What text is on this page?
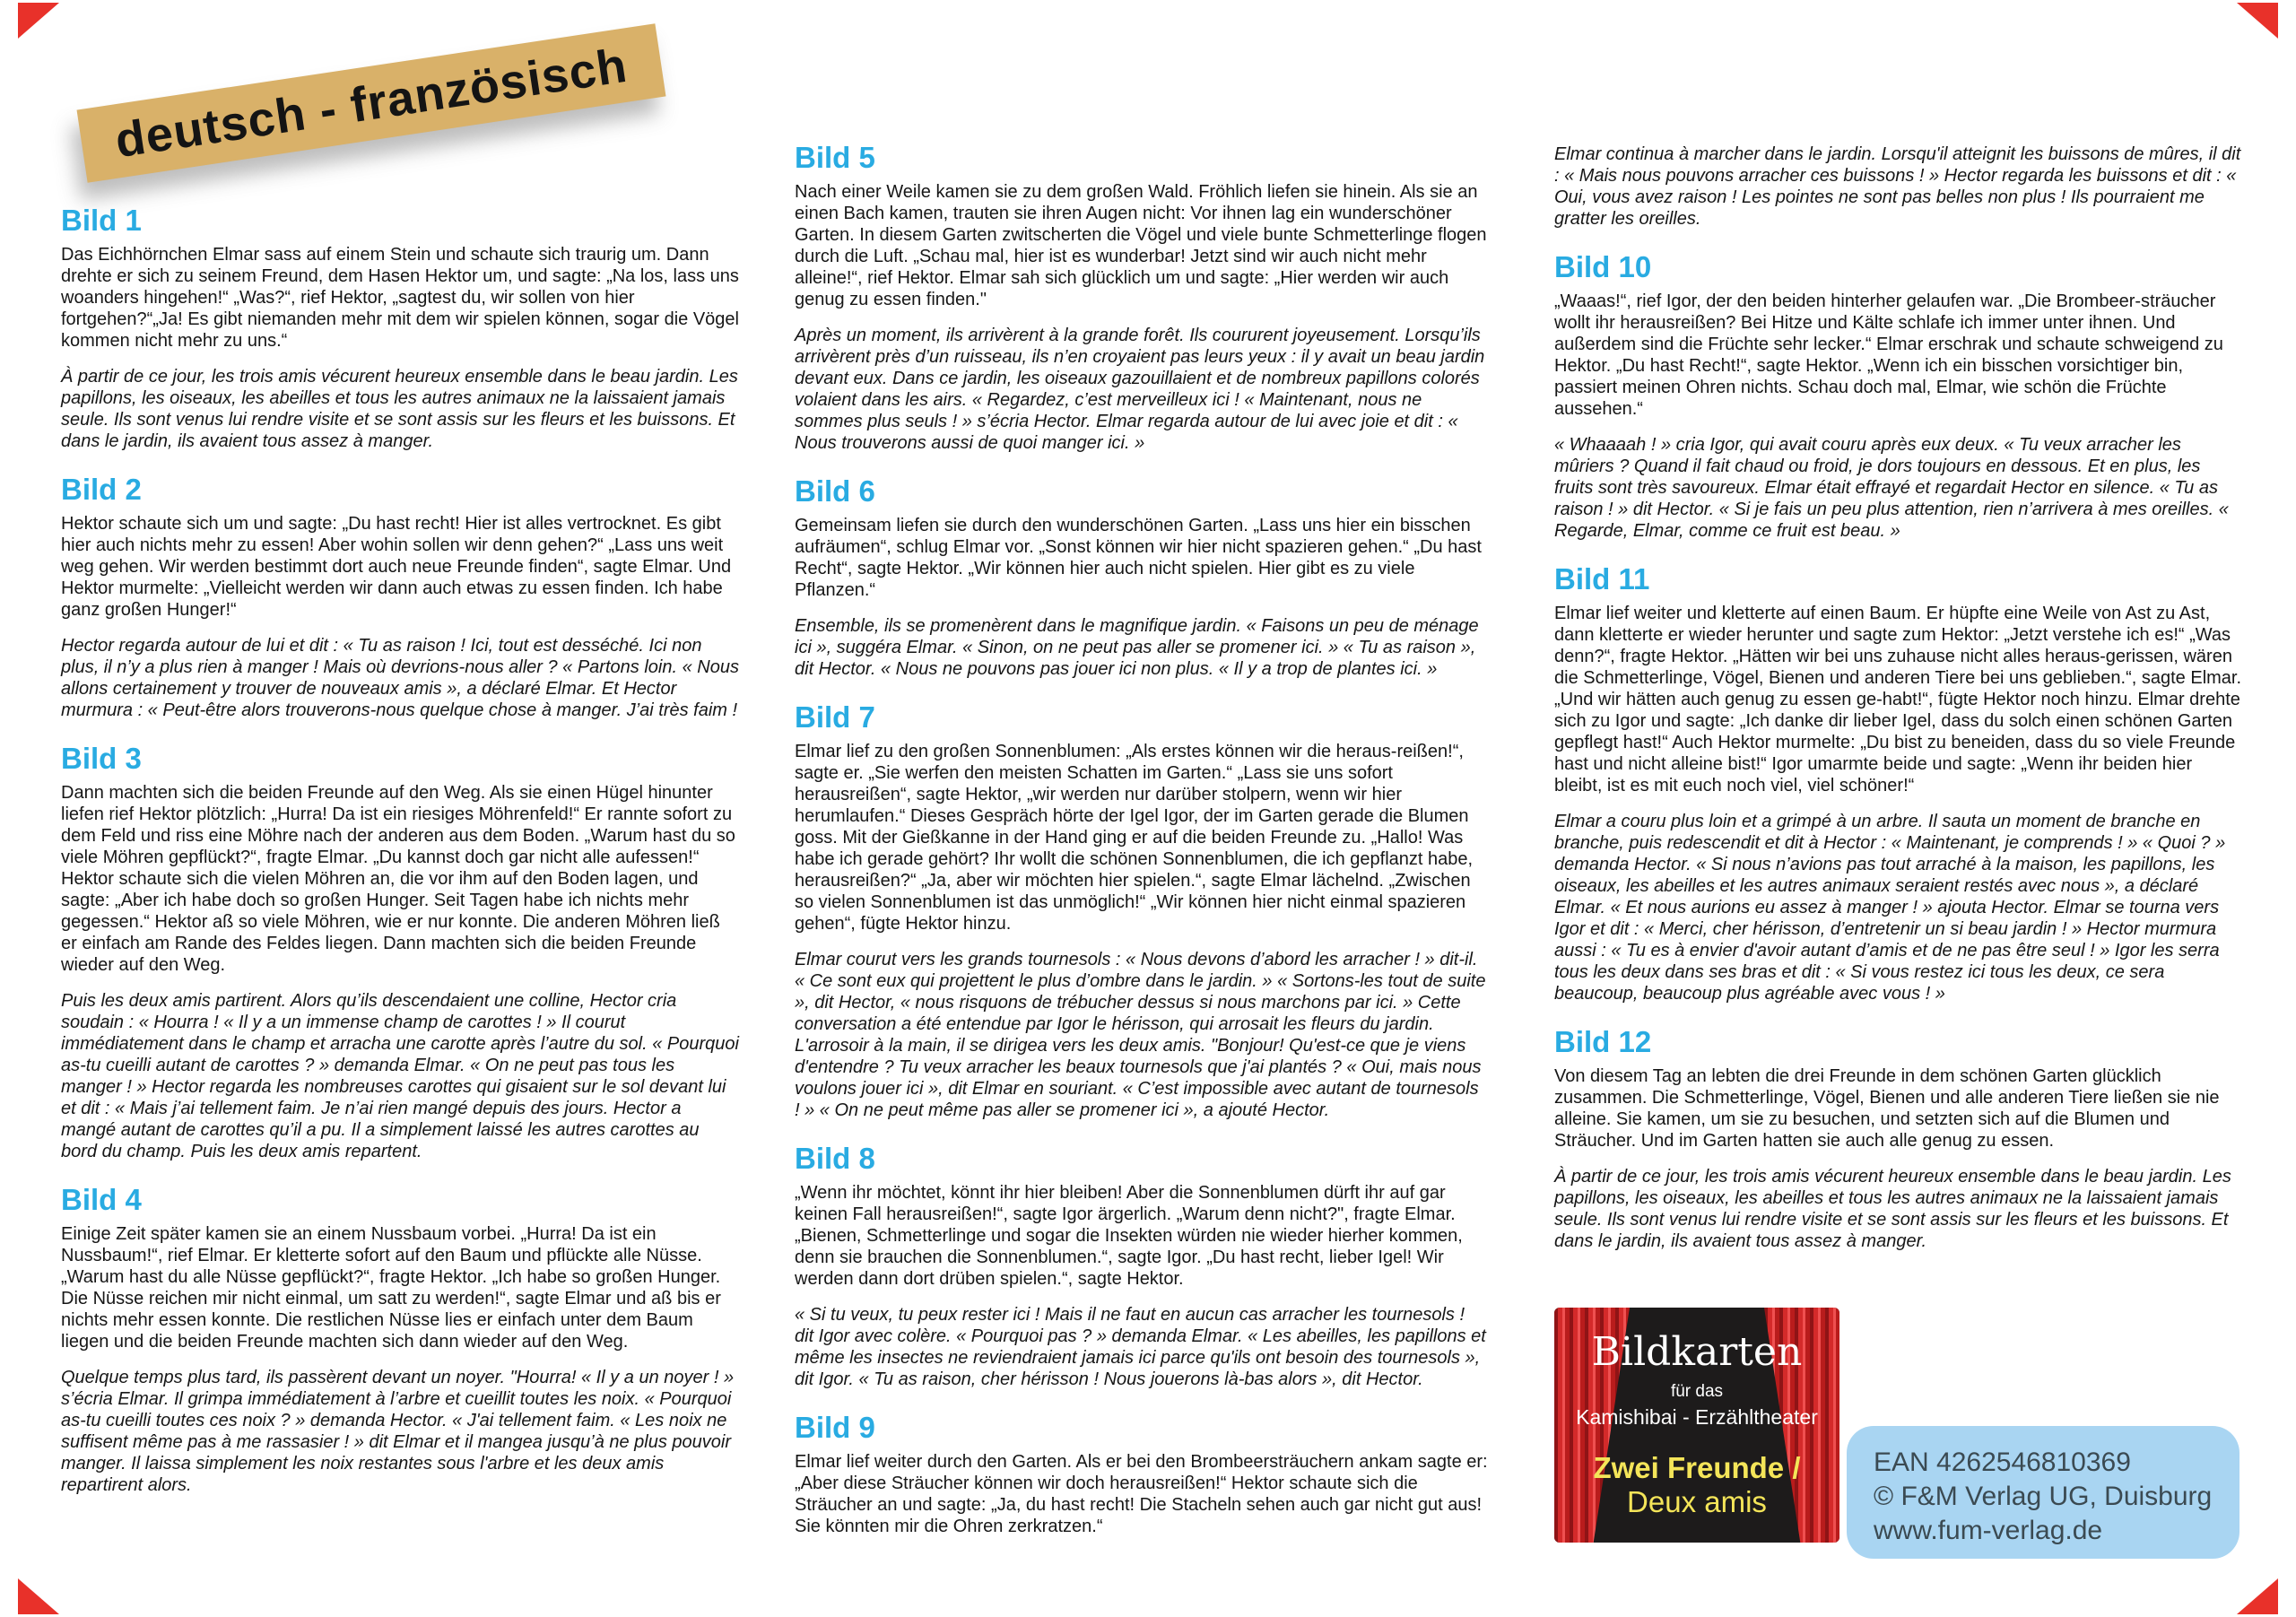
deutsch - französisch
Bild 1

Das Eichhörnchen Elmar sass auf einem Stein und schaute sich traurig um. Dann drehte er sich zu seinem Freund, dem Hasen Hektor um, und sagte: „Na los, lass uns woanders hingehen!“ „Was?“, rief Hektor, „sagtest du, wir sollen von hier fortgehen?“„Ja! Es gibt niemanden mehr mit dem wir spielen können, sogar die Vögel kommen nicht mehr zu uns.“

À partir de ce jour, les trois amis vécurent heureux ensemble dans le beau jardin. Les papillons, les oiseaux, les abeilles et tous les autres animaux ne la laissaient jamais seule. Ils sont venus lui rendre visite et se sont assis sur les fleurs et les buissons. Et dans le jardin, ils avaient tous assez à manger.

Bild 2

Hektor schaute sich um und sagte: „Du hast recht! Hier ist alles vertrocknet. Es gibt hier auch nichts mehr zu essen! Aber wohin sollen wir denn gehen?“ „Lass uns weit weg gehen. Wir werden bestimmt dort auch neue Freunde finden“, sagte Elmar. Und Hektor murmelte: „Vielleicht werden wir dann auch etwas zu essen finden. Ich habe ganz großen Hunger!“

Hector regarda autour de lui et dit : « Tu as raison ! Ici, tout est desséché. Ici non plus, il n’y a plus rien à manger ! Mais où devrions-nous aller ? « Partons loin. « Nous allons certainement y trouver de nouveaux amis », a déclaré Elmar. Et Hector murmura : « Peut-être alors trouverons-nous quelque chose à manger. J’ai très faim !

Bild 3

Dann machten sich die beiden Freunde auf den Weg. Als sie einen Hügel hinunter liefen rief Hektor plötzlich: „Hurra! Da ist ein riesiges Möhrenfeld!“ Er rannte sofort zu dem Feld und riss eine Möhre nach der anderen aus dem Boden. „Warum hast du so viele Möhren gepflückt?“, fragte Elmar. „Du kannst doch gar nicht alle aufessen!“ Hektor schaute sich die vielen Möhren an, die vor ihm auf den Boden lagen, und sagte: „Aber ich habe doch so großen Hunger. Seit Tagen habe ich nichts mehr gegessen.“ Hektor aß so viele Möhren, wie er nur konnte. Die anderen Möhren ließ er einfach am Rande des Feldes liegen. Dann machten sich die beiden Freunde wieder auf den Weg.

Puis les deux amis partirent. Alors qu’ils descendaient une colline, Hector cria soudain : « Hourra ! « Il y a un immense champ de carottes ! » Il courut immédiatement dans le champ et arracha une carotte après l’autre du sol. « Pourquoi as-tu cueilli autant de carottes ? » demanda Elmar. « On ne peut pas tous les manger ! » Hector regarda les nombreuses carottes qui gisaient sur le sol devant lui et dit : « Mais j’ai tellement faim. Je n’ai rien mangé depuis des jours. Hector a mangé autant de carottes qu’il a pu. Il a simplement laissé les autres carottes au bord du champ. Puis les deux amis repartent.

Bild 4

Einige Zeit später kamen sie an einem Nussbaum vorbei. „Hurra! Da ist ein Nussbaum!“, rief Elmar. Er kletterte sofort auf den Baum und pflückte alle Nüsse. „Warum hast du alle Nüsse gepflückt?“, fragte Hektor. „Ich habe so großen Hunger. Die Nüsse reichen mir nicht einmal, um satt zu werden!“, sagte Elmar und aß bis er nichts mehr essen konnte. Die restlichen Nüsse lies er einfach unter dem Baum liegen und die beiden Freunde machten sich dann wieder auf den Weg.

Quelque temps plus tard, ils passèrent devant un noyer. "Hourra! « Il y a un noyer ! » s’écria Elmar. Il grimpa immédiatement à l’arbre et cueillit toutes les noix. « Pourquoi as-tu cueilli toutes ces noix ? » demanda Hector. « J'ai tellement faim. « Les noix ne suffisent même pas à me rassasier ! » dit Elmar et il mangea jusqu’à ne plus pouvoir manger. Il laissa simplement les noix restantes sous l'arbre et les deux amis repartirent alors.

Bild 5

Nach einer Weile kamen sie zu dem großen Wald. Fröhlich liefen sie hinein. Als sie an einen Bach kamen, trauten sie ihren Augen nicht: Vor ihnen lag ein wunderschöner Garten. In diesem Garten zwitscherten die Vögel und viele bunte Schmetterlinge flogen durch die Luft. „Schau mal, hier ist es wunderbar! Jetzt sind wir auch nicht mehr alleine!“, rief Hektor. Elmar sah sich glücklich um und sagte: „Hier werden wir auch genug zu essen finden."

Après un moment, ils arrivèrent à la grande forêt. Ils coururent joyeusement. Lorsqu’ils arrivèrent près d’un ruisseau, ils n’en croyaient pas leurs yeux : il y avait un beau jardin devant eux. Dans ce jardin, les oiseaux gazouillaient et de nombreux papillons colorés volaient dans les airs. « Regardez, c’est merveilleux ici ! « Maintenant, nous ne sommes plus seuls ! » s’écria Hector. Elmar regarda autour de lui avec joie et dit : « Nous trouverons aussi de quoi manger ici. »

Bild 6

Gemeinsam liefen sie durch den wunderschönen Garten. „Lass uns hier ein bisschen aufräumen“, schlug Elmar vor. „Sonst können wir hier nicht spazieren gehen.“ „Du hast Recht“, sagte Hektor. „Wir können hier auch nicht spielen. Hier gibt es zu viele Pflanzen.“

Ensemble, ils se promenèrent dans le magnifique jardin. « Faisons un peu de ménage ici », suggéra Elmar. « Sinon, on ne peut pas aller se promener ici. » « Tu as raison », dit Hector. « Nous ne pouvons pas jouer ici non plus. « Il y a trop de plantes ici. »

Bild 7

Elmar lief zu den großen Sonnenblumen: „Als erstes können wir die heraus-reißen!“, sagte er. „Sie werfen den meisten Schatten im Garten.“ „Lass sie uns sofort herausreißen“, sagte Hektor, „wir werden nur darüber stolpern, wenn wir hier herumlaufen.“ Dieses Gespräch hörte der Igel Igor, der im Garten gerade die Blumen goss. Mit der Gießkanne in der Hand ging er auf die beiden Freunde zu. „Hallo! Was habe ich gerade gehört? Ihr wollt die schönen Sonnenblumen, die ich gepflanzt habe, herausreißen?“ „Ja, aber wir möchten hier spielen.“, sagte Elmar lächelnd. „Zwischen so vielen Sonnenblumen ist das unmöglich!“ „Wir können hier nicht einmal spazieren gehen“, fügte Hektor hinzu.

Elmar courut vers les grands tournesols : « Nous devons d’abord les arracher ! » dit-il. « Ce sont eux qui projettent le plus d’ombre dans le jardin. » « Sortons-les tout de suite », dit Hector, « nous risquons de trébucher dessus si nous marchons par ici. » Cette conversation a été entendue par Igor le hérisson, qui arrosait les fleurs du jardin. L'arrosoir à la main, il se dirigea vers les deux amis. "Bonjour! Qu'est-ce que je viens d'entendre ? Tu veux arracher les beaux tournesols que j'ai plantés ? « Oui, mais nous voulons jouer ici », dit Elmar en souriant. « C’est impossible avec autant de tournesols ! » « On ne peut même pas aller se promener ici », a ajouté Hector.

Bild 8

„Wenn ihr möchtet, könnt ihr hier bleiben! Aber die Sonnenblumen dürft ihr auf gar keinen Fall herausreißen!“, sagte Igor ärgerlich. „Warum denn nicht?", fragte Elmar. „Bienen, Schmetterlinge und sogar die Insekten würden nie wieder hierher kommen, denn sie brauchen die Sonnenblumen.“, sagte Igor. „Du hast recht, lieber Igel! Wir werden dann dort drüben spielen.“, sagte Hektor.

« Si tu veux, tu peux rester ici ! Mais il ne faut en aucun cas arracher les tournesols ! dit Igor avec colère. « Pourquoi pas ? » demanda Elmar. « Les abeilles, les papillons et même les insectes ne reviendraient jamais ici parce qu'ils ont besoin des tournesols », dit Igor. « Tu as raison, cher hérisson ! Nous jouerons là-bas alors », dit Hector.

Bild 9

Elmar lief weiter durch den Garten. Als er bei den Brombeersträuchern ankam sagte er: „Aber diese Sträucher können wir doch herausreißen!“ Hektor schaute sich die Sträucher an und sagte: „Ja, du hast recht! Die Stacheln sehen auch gar nicht gut aus! Sie könnten mir die Ohren zerkratzen.“

Elmar continua à marcher dans le jardin. Lorsqu'il atteignit les buissons de mûres, il dit : « Mais nous pouvons arracher ces buissons ! » Hector regarda les buissons et dit : « Oui, vous avez raison ! Les pointes ne sont pas belles non plus ! Ils pourraient me gratter les oreilles.

Bild 10

„Waaas!“, rief Igor, der den beiden hinterher gelaufen war. „Die Brombeer-sträucher wollt ihr herausreißen? Bei Hitze und Kälte schlafe ich immer unter ihnen. Und außerdem sind die Früchte sehr lecker.“ Elmar erschrak und schaute schweigend zu Hektor. „Du hast Recht!“, sagte Hektor. „Wenn ich ein bisschen vorsichtiger bin, passiert meinen Ohren nichts. Schau doch mal, Elmar, wie schön die Früchte aussehen.“

« Whaaaah ! » cria Igor, qui avait couru après eux deux. « Tu veux arracher les mûriers ? Quand il fait chaud ou froid, je dors toujours en dessous. Et en plus, les fruits sont très savoureux. Elmar était effrayé et regardait Hector en silence. « Tu as raison ! » dit Hector. « Si je fais un peu plus attention, rien n’arrivera à mes oreilles. « Regarde, Elmar, comme ce fruit est beau. »

Bild 11

Elmar lief weiter und kletterte auf einen Baum. Er hüpfte eine Weile von Ast zu Ast, dann kletterte er wieder herunter und sagte zum Hektor: „Jetzt verstehe ich es!“ „Was denn?“, fragte Hektor. „Hätten wir bei uns zuhause nicht alles heraus-gerissen, wären die Schmetterlinge, Vögel, Bienen und anderen Tiere bei uns geblieben.“, sagte Elmar. „Und wir hätten auch genug zu essen ge-habt!“, fügte Hektor noch hinzu. Elmar drehte sich zu Igor und sagte: „Ich danke dir lieber Igel, dass du solch einen schönen Garten gepflegt hast!“ Auch Hektor murmelte: „Du bist zu beneiden, dass du so viele Freunde hast und nicht alleine bist!“ Igor umarmte beide und sagte: „Wenn ihr beiden hier bleibt, ist es mit euch noch viel, viel schöner!“

Elmar a couru plus loin et a grimpé à un arbre. Il sauta un moment de branche en branche, puis redescendit et dit à Hector : « Maintenant, je comprends ! » « Quoi ? » demanda Hector. « Si nous n’avions pas tout arraché à la maison, les papillons, les oiseaux, les abeilles et les autres animaux seraient restés avec nous », a déclaré Elmar. « Et nous aurions eu assez à manger ! » ajouta Hector. Elmar se tourna vers Igor et dit : « Merci, cher hérisson, d’entretenir un si beau jardin ! » Hector murmura aussi : « Tu es à envier d'avoir autant d’amis et de ne pas être seul ! » Igor les serra tous les deux dans ses bras et dit : « Si vous restez ici tous les deux, ce sera beaucoup, beaucoup plus agréable avec vous ! »

Bild 12

Von diesem Tag an lebten die drei Freunde in dem schönen Garten glücklich zusammen. Die Schmetterlinge, Vögel, Bienen und alle anderen Tiere ließen sie nie alleine. Sie kamen, um sie zu besuchen, und setzten sich auf die Blumen und Sträucher. Und im Garten hatten sie auch alle genug zu essen.

À partir de ce jour, les trois amis vécurent heureux ensemble dans le beau jardin. Les papillons, les oiseaux, les abeilles et tous les autres animaux ne la laissaient jamais seule. Ils sont venus lui rendre visite et se sont assis sur les fleurs et les buissons. Et dans le jardin, ils avaient tous assez à manger.

Bildkarten
für das
Kamishibai - Erzähltheater
Zwei Freunde /
Deux amis
EAN 4262546810369
© F&M Verlag UG, Duisburg
www.fum-verlag.de
